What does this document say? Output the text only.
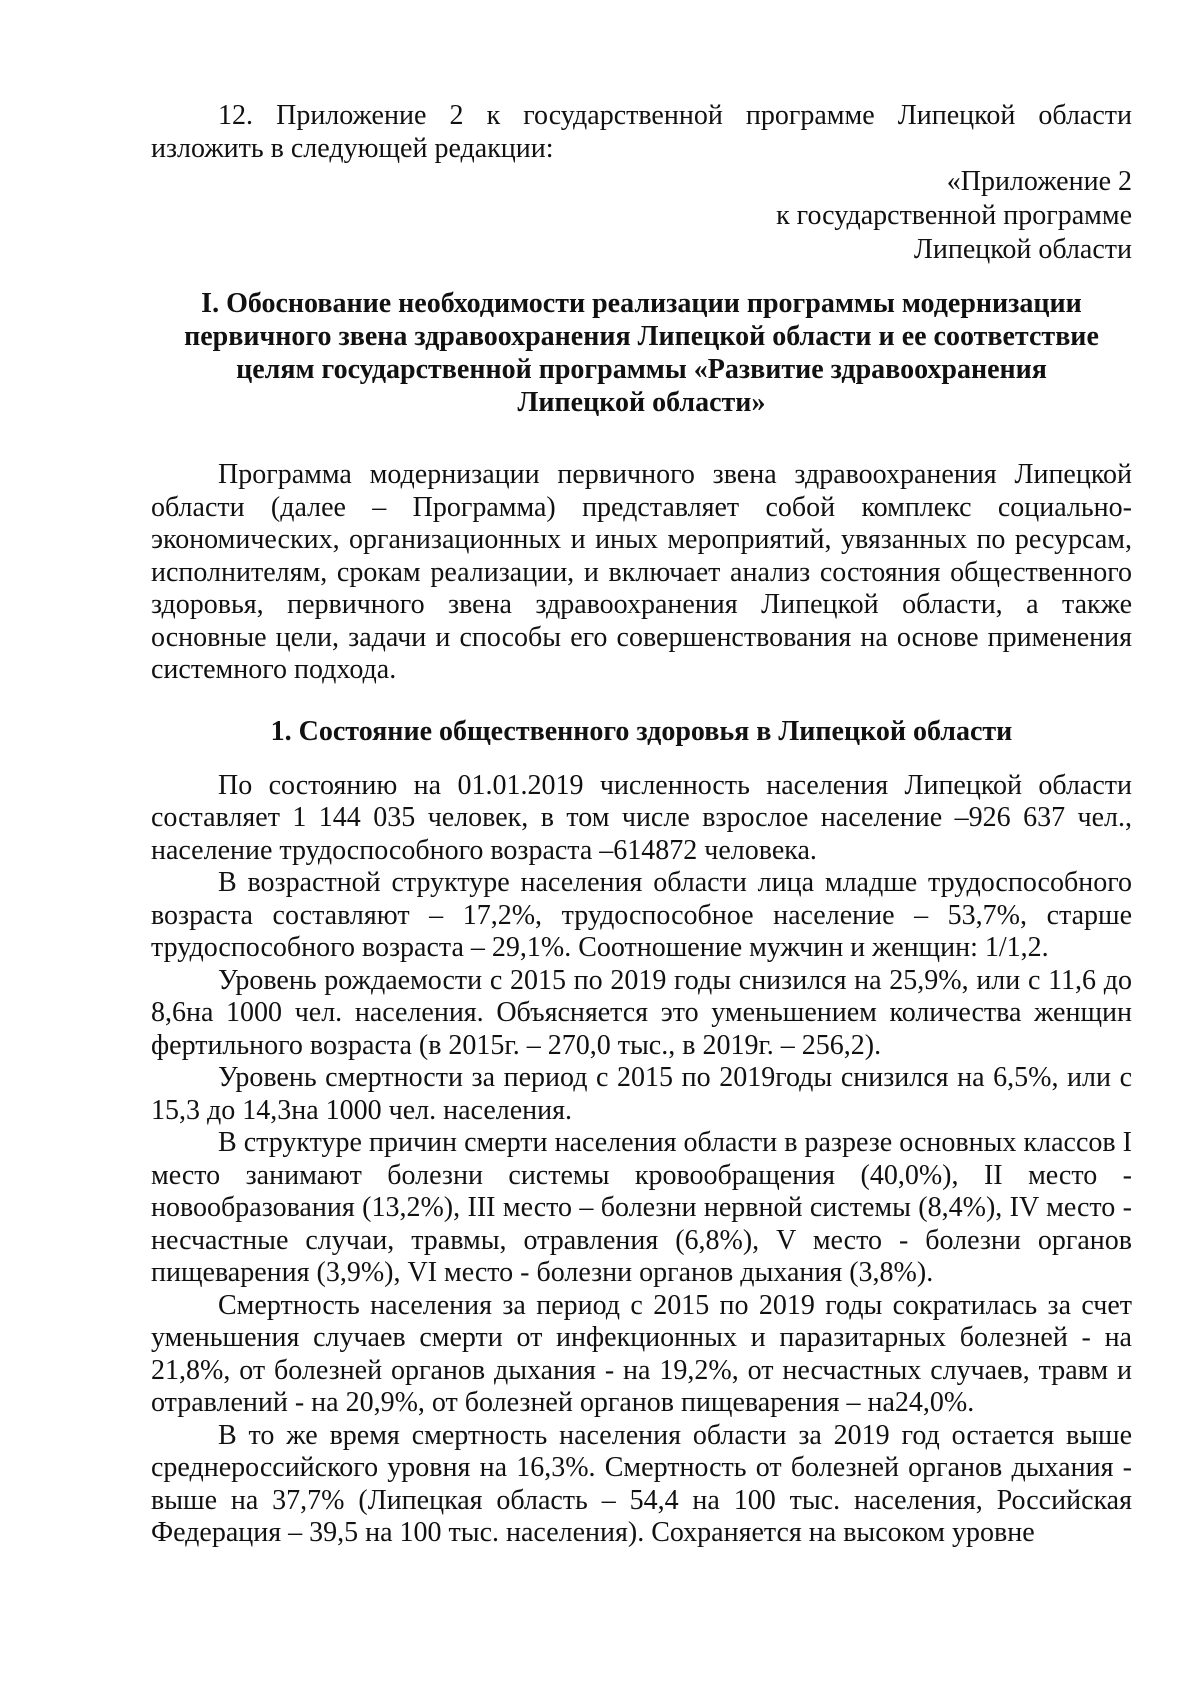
12. Приложение 2 к государственной программе Липецкой области изложить в следующей редакции:

«Приложение 2
к государственной программе
Липецкой области
I. Обоснование необходимости реализации программы модернизации
первичного звена здравоохранения Липецкой области и ее соответствие
целям государственной программы «Развитие здравоохранения
Липецкой области»

Программа модернизации первичного звена здравоохранения Липецкой области (далее – Программа) представляет собой комплекс социально-экономических, организационных и иных мероприятий, увязанных по ресурсам, исполнителям, срокам реализации, и включает анализ состояния общественного здоровья, первичного звена здравоохранения Липецкой области, а также основные цели, задачи и способы его совершенствования на основе применения системного подхода.

1. Состояние общественного здоровья в Липецкой области

По состоянию на 01.01.2019 численность населения Липецкой области составляет 1 144 035 человек, в том числе взрослое население –926 637 чел., население трудоспособного возраста –614872 человека.

В возрастной структуре населения области лица младше трудоспособного возраста составляют – 17,2%, трудоспособное население – 53,7%, старше трудоспособного возраста – 29,1%. Соотношение мужчин и женщин: 1/1,2.

Уровень рождаемости с 2015 по 2019 годы снизился на 25,9%, или с 11,6 до 8,6на 1000 чел. населения. Объясняется это уменьшением количества женщин фертильного возраста (в 2015г. – 270,0 тыс., в 2019г. – 256,2).

Уровень смертности за период с 2015 по 2019годы снизился на 6,5%, или с 15,3 до 14,3на 1000 чел. населения.

В структуре причин смерти населения области в разрезе основных классов I место занимают болезни системы кровообращения (40,0%), II место - новообразования (13,2%), III место – болезни нервной системы (8,4%), IV место - несчастные случаи, травмы, отравления (6,8%), V место - болезни органов пищеварения (3,9%), VI место - болезни органов дыхания (3,8%).

Смертность населения за период с 2015 по 2019 годы сократилась за счет уменьшения случаев смерти от инфекционных и паразитарных болезней - на 21,8%, от болезней органов дыхания - на 19,2%, от несчастных случаев, травм и отравлений - на 20,9%, от болезней органов пищеварения – на24,0%.

В то же время смертность населения области за 2019 год остается выше среднероссийского уровня на 16,3%. Смертность от болезней органов дыхания - выше на 37,7% (Липецкая область – 54,4 на 100 тыс. населения, Российская Федерация – 39,5 на 100 тыс. населения). Сохраняется на высоком уровне
